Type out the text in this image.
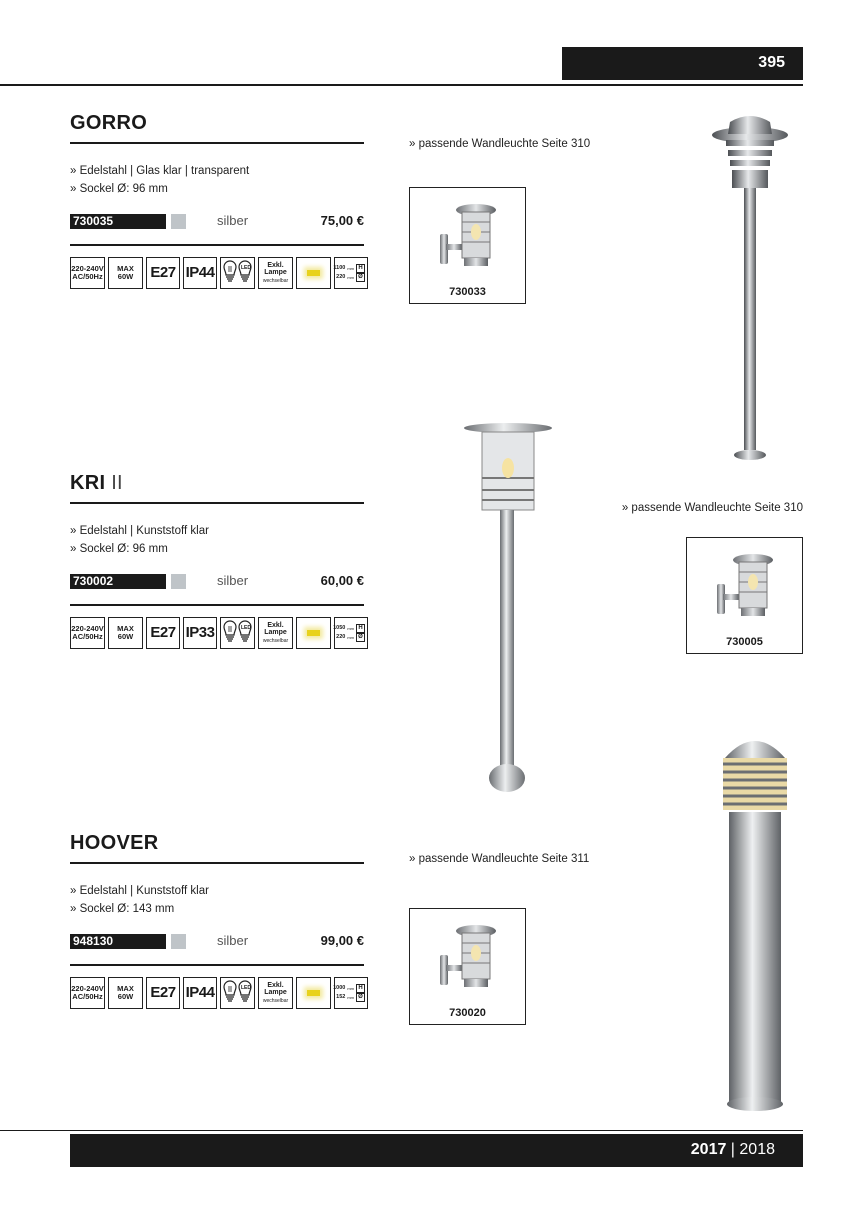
395
GORRO
» Edelstahl | Glas klar | transparent
» Sockel Ø: 96 mm
730035	silber	75,00 €
220-240V
AC/50Hz
MAX
60W E27 IP44	LED Exkl.
Lampe
wechselbar
1100 mm H
220 mm Ø
» passende Wandleuchte Seite 310
730033
KRI II
» Edelstahl | Kunststoff klar
» Sockel Ø: 96 mm
730002	silber	60,00 €
220-240V
AC/50Hz
MAX
60W E27 IP33	LED Exkl.
Lampe
wechselbar
1050 mm H
220 mm Ø
» passende Wandleuchte Seite 310
730005
HOOVER
» Edelstahl | Kunststoff klar
» Sockel Ø: 143 mm
948130	silber	99,00 €
220-240V
AC/50Hz
MAX
60W E27 IP44	LED Exkl.
Lampe
wechselbar
1000 mm H
152 mm Ø
» passende Wandleuchte Seite 311
730020
2017 | 2018
